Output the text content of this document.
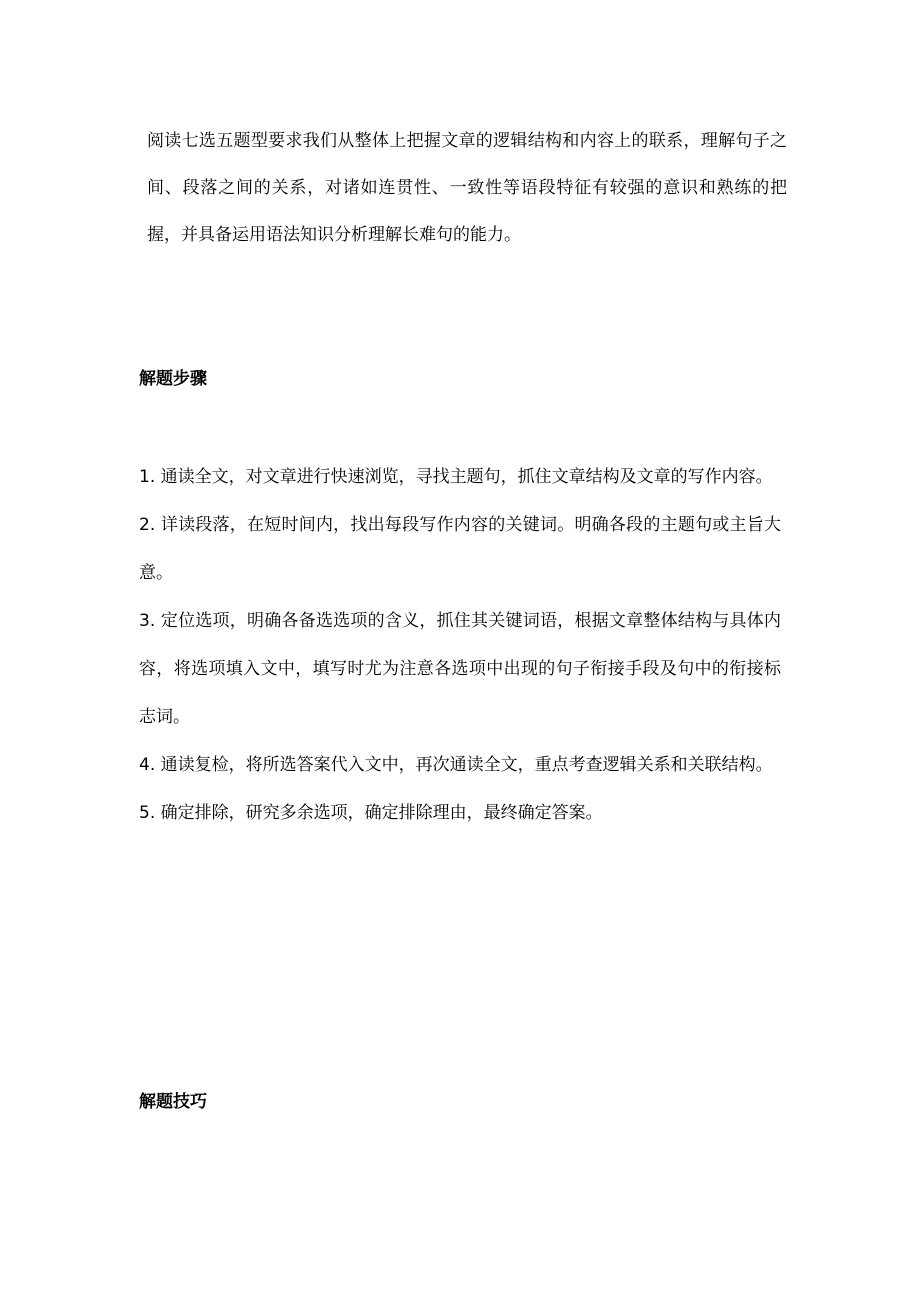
阅读七选五题型要求我们从整体上把握文章的逻辑结构和内容上的联系，理解句子之间、段落之间的关系，对诸如连贯性、一致性等语段特征有较强的意识和熟练的把握，并具备运用语法知识分析理解长难句的能力。

解题步骤
1. 通读全文，对文章进行快速浏览，寻找主题句，抓住文章结构及文章的写作内容。
2. 详读段落，在短时间内，找出每段写作内容的关键词。明确各段的主题句或主旨大意。
3. 定位选项，明确各备选选项的含义，抓住其关键词语，根据文章整体结构与具体内容，将选项填入文中，填写时尤为注意各选项中出现的句子衔接手段及句中的衔接标志词。
4. 通读复检，将所选答案代入文中，再次通读全文，重点考查逻辑关系和关联结构。
5. 确定排除，研究多余选项，确定排除理由，最终确定答案。
解题技巧
